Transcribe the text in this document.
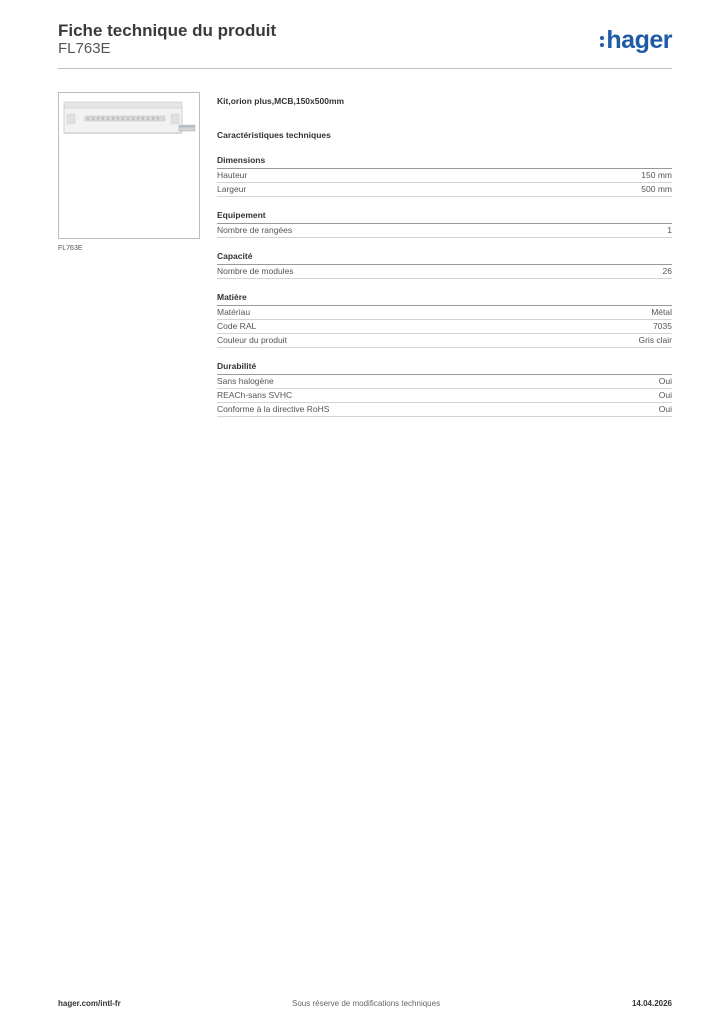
Fiche technique du produit
FL763E	hager
FL763E
Kit,orion plus,MCB,150x500mm
Caractéristiques techniques
Dimensions
Hauteur	150 mm
Largeur	500 mm
Equipement
Nombre de rangées	1
Capacité
Nombre de modules	26
Matière
Matériau	Métal
Code RAL	7035
Couleur du produit	Gris clair
Durabilité
Sans halogène	Oui
REACh-sans SVHC	Oui
Conforme à la directive RoHS	Oui
hager.com/intl-fr	Sous réserve de modifications techniques	14.04.2026
